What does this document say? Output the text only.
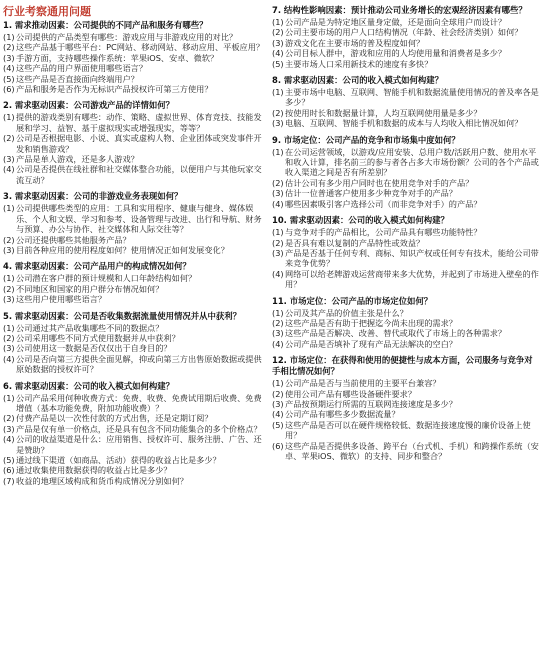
行业考察通用问题
1. 需求推动因素：公司提供的不同产品和服务有哪些？
(1) 公司提供的产品类型有哪些：游戏应用与非游戏应用的对比？
(2) 这些产品基于哪些平台：PC网站、移动网站、移动应用、平板应用？
(3) 手游方面，支持哪些操作系统：苹果iOS、安卓、微软？
(4) 这些产品的用户界面使用哪些语言？
(5) 这些产品是否直接面向终端用户？
(6) 产品和服务是否作为无标识产品授权许可第三方使用？
2. 需求驱动因素：公司游戏产品的详情如何？
(1) 提供的游戏类别有哪些：动作、策略、虚拟世界、体育竞技、技能发展和学习、益智、基于虚拟现实或增强现实，等等？
(2) 公司是否根据电影、小说、真实或虚构人物、企业团体或突发事件开发和销售游戏？
(3) 产品是单人游戏，还是多人游戏？
(4) 公司是否提供在线社群和社交媒体整合功能，以便用户与其他玩家交流互动？
3. 需求驱动因素：公司的非游戏业务表现如何？
(1) 公司提供哪些类型的应用：工具和实用程序、健康与健身、媒体娱乐、个人和文娱、学习和参考、设备管理与改进、出行和导航、财务与预算、办公与协作、社交媒体和人际交往等？
(2) 公司还提供哪些其他服务产品？
(3) 目前各种应用的使用程度如何？使用情况正如何发展变化？
4. 需求驱动因素：公司产品用户的构成情况如何？
(1) 公司潜在客户群的预计规模和人口年龄结构如何？
(2) 不同地区和国家的用户群分布情况如何？
(3) 这些用户使用哪些语言？
5. 需求驱动因素：公司是否收集数据流量使用情况并从中获利？
(1) 公司通过其产品收集哪些不同的数据点？
(2) 公司采用哪些不同方式使用数据并从中获利？
(3) 公司使用这一数据是否仅仅出于自身目的？
(4) 公司是否向第三方提供全面见解，抑或向第三方出售原始数据或提供原始数据的授权许可？
6. 需求驱动因素：公司的收入模式如何构建？
(1) 公司产品采用何种收费方式：免费、收费、免费试用期后收费、免费增值（基本功能免费，附加功能收费）？
(2) 付费产品是以一次性付款的方式出售，还是定期订阅？
(3) 产品是仅有单一价格点，还是具有包含不同功能集合的多个价格点？
(4) 公司的收益渠道是什么：应用销售、授权许可、服务注册、广告、还是赞助？
(5) 通过线下渠道（如商品、活动）获得的收益占比是多少？
(6) 通过收集使用数据获得的收益占比是多少？
(7) 收益的地理区域构成和货币构成情况分别如何？
7. 结构性影响因素：预计推动公司业务增长的宏观经济因素有哪些？
(1) 公司产品是为特定地区量身定做，还是面向全球用户而设计？
(2) 公司主要市场的用户人口结构情况（年龄、社会经济类别）如何？
(3) 游戏文化在主要市场的普及程度如何？
(4) 公司目标人群中，游戏和应用的人均使用量和消费者是多少？
(5) 主要市场人口采用新技术的速度有多快？
8. 需求驱动因素：公司的收入模式如何构建？
(1) 主要市场中电脑、互联网、智能手机和数据流量使用情况的普及率各是多少？
(2) 按使用时长和数据量计算，人均互联网使用量是多少？
(3) 电脑、互联网、智能手机和数据的成本与人均收入相比情况如何？
9. 市场定位：公司产品的竞争和市场集中度如何？
(1) 在公司运营领域，以游戏/应用安装、总用户数/活跃用户数、使用水平和收入计算，排名前三的参与者各占多大市场份额？公司的各个产品或收入渠道之间是否有所差别？
(2) 估计公司有多少用户同时也在使用竞争对手的产品？
(3) 估计一位普通客户使用多少种竞争对手的产品？
(4) 哪些因素吸引客户选择公司（而非竞争对手）的产品？
10. 需求驱动因素：公司的收入模式如何构建？
(1) 与竞争对手的产品相比，公司产品具有哪些功能特性？
(2) 是否具有难以复制的产品特性或效益？
(3) 产品是否基于任何专利、商标、知识产权或任何专有技术，能给公司带来竞争优势？
(4) 网络可以给老牌游戏运营商带来多大优势，并起到了市场进入壁垒的作用？
11. 市场定位：公司产品的市场定位如何？
(1) 公司及其产品的价值主张是什么？
(2) 这些产品是否有助于把握迄今尚未出现的需求？
(3) 这些产品是否解决、改善、替代或取代了市场上的各种需求？
(4) 公司产品是否填补了现有产品无法解决的空白？
12. 市场定位：在获得和使用的便捷性与成本方面，公司服务与竞争对手相比情况如何？
(1) 公司产品是否与当前使用的主要平台兼容？
(2) 使用公司产品有哪些设备硬件要求？
(3) 产品按预期运行所需的互联网连接速度是多少？
(4) 公司产品有哪些多少数据流量？
(5) 这些产品是否可以在硬件规格较低、数据连接速度慢的廉价设备上使用？
(6) 这些产品是否提供多设备、跨平台（台式机、手机）和跨操作系统（安卓、苹果iOS、微软）的支持、同步和整合？
